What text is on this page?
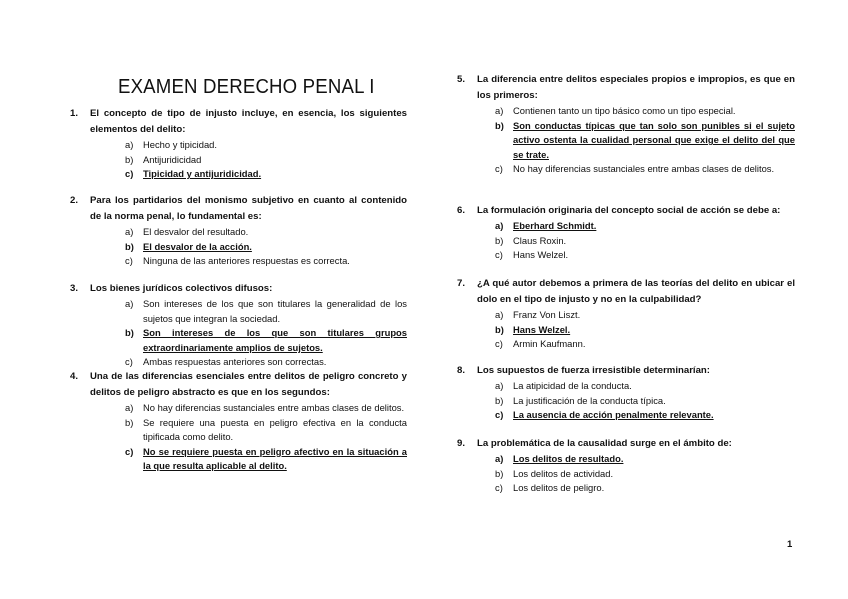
EXAMEN DERECHO PENAL I
1.	El concepto de tipo de injusto incluye, en esencia, los siguientes elementos del delito:
a)	Hecho y tipicidad.
b)	Antijuridicidad
c)	Tipicidad y antijuridicidad.
2.	Para los partidarios del monismo subjetivo en cuanto al contenido de la norma penal, lo fundamental es:
a)	El desvalor del resultado.
b) El desvalor de la acción.
c)	Ninguna de las anteriores respuestas es correcta.
3.	Los bienes jurídicos colectivos difusos:
a)	Son intereses de los que son titulares la generalidad de los sujetos que integran la sociedad.
b) Son intereses de los que son titulares grupos extraordinariamente amplios de sujetos.
c)	Ambas respuestas anteriores son correctas.
4.	Una de las diferencias esenciales entre delitos de peligro concreto y delitos de peligro abstracto es que en los segundos:
a)	No hay diferencias sustanciales entre ambas clases de delitos.
b)	Se requiere una puesta en peligro efectiva en la conducta tipificada como delito.
c)	No se requiere puesta en peligro afectivo en la situación a la que resulta aplicable al delito.
5.	La diferencia entre delitos especiales propios e impropios, es que en los primeros:
a)	Contienen tanto un tipo básico como un tipo especial.
b) Son conductas típicas que tan solo son punibles si el sujeto activo ostenta la cualidad personal que exige el delito del que se trate.
c)	No hay diferencias sustanciales entre ambas clases de delitos.
6.	La formulación originaria del concepto social de acción se debe a:
a)	Eberhard Schmidt.
b)	Claus Roxin.
c)	Hans Welzel.
7.	¿A qué autor debemos a primera de las teorías del delito en ubicar el dolo en el tipo de injusto y no en la culpabilidad?
a)	Franz Von Liszt.
b) Hans Welzel.
c)	Armin Kaufmann.
8.	Los supuestos de fuerza irresistible determinarían:
a)	La atipicidad de la conducta.
b)	La justificación de la conducta típica.
c)	La ausencia de acción penalmente relevante.
9.	La problemática de la causalidad surge en el ámbito de:
a)	Los delitos de resultado.
b)	Los delitos de actividad.
c)	Los delitos de peligro.
1
